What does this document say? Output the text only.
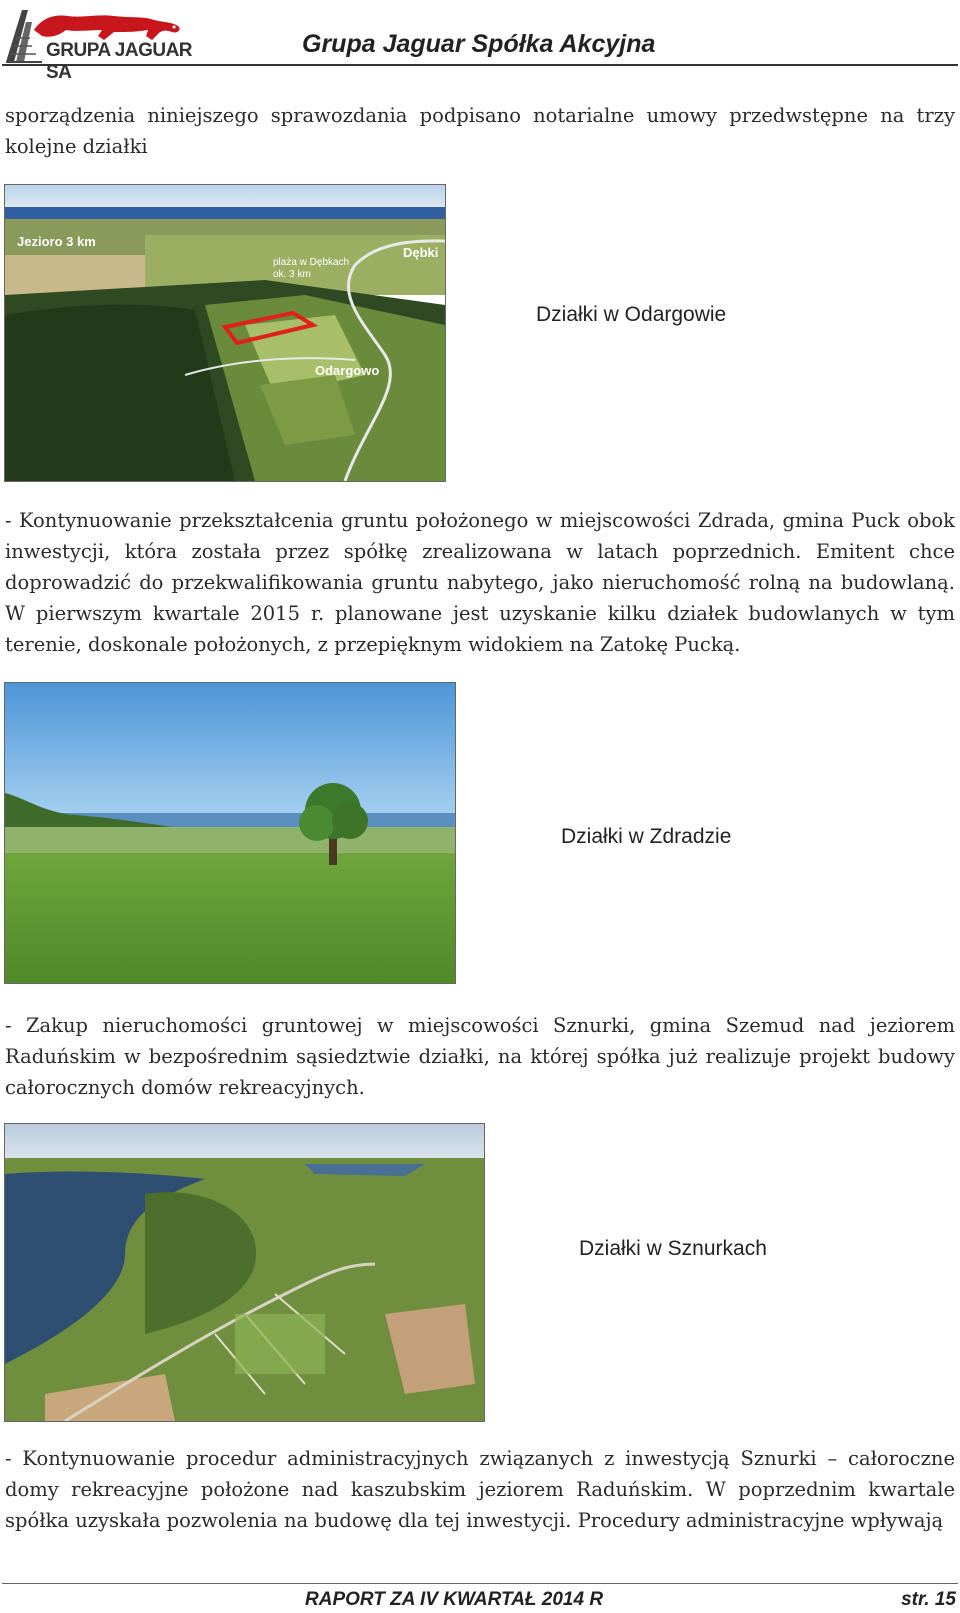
GRUPA JAGUAR SA
Grupa Jaguar Spółka Akcyjna

sporządzenia niniejszego sprawozdania podpisano notarialne umowy przedwstępne na trzy kolejne działki

Jezioro 3 km
plaża w Dębkach
ok. 3 km
Dębki
Odargowo
Działki w Odargowie

- Kontynuowanie przekształcenia gruntu położonego w miejscowości Zdrada, gmina Puck obok inwestycji, która została przez spółkę zrealizowana w latach poprzednich. Emitent chce doprowadzić do przekwalifikowania gruntu nabytego, jako nieruchomość rolną na budowlaną. W pierwszym kwartale 2015 r. planowane jest uzyskanie kilku działek budowlanych w tym terenie, doskonale położonych, z przepięknym widokiem na Zatokę Pucką.

Działki w Zdradzie

- Zakup nieruchomości gruntowej w miejscowości Sznurki, gmina Szemud nad jeziorem Raduńskim w bezpośrednim sąsiedztwie działki, na której spółka już realizuje projekt budowy całorocznych domów rekreacyjnych.

Działki w Sznurkach

- Kontynuowanie procedur administracyjnych związanych z inwestycją Sznurki – całoroczne domy rekreacyjne położone nad kaszubskim jeziorem Raduńskim. W poprzednim kwartale spółka uzyskała pozwolenia na budowę dla tej inwestycji. Procedury administracyjne wpływają

RAPORT ZA IV KWARTAŁ 2014 R	str. 15
